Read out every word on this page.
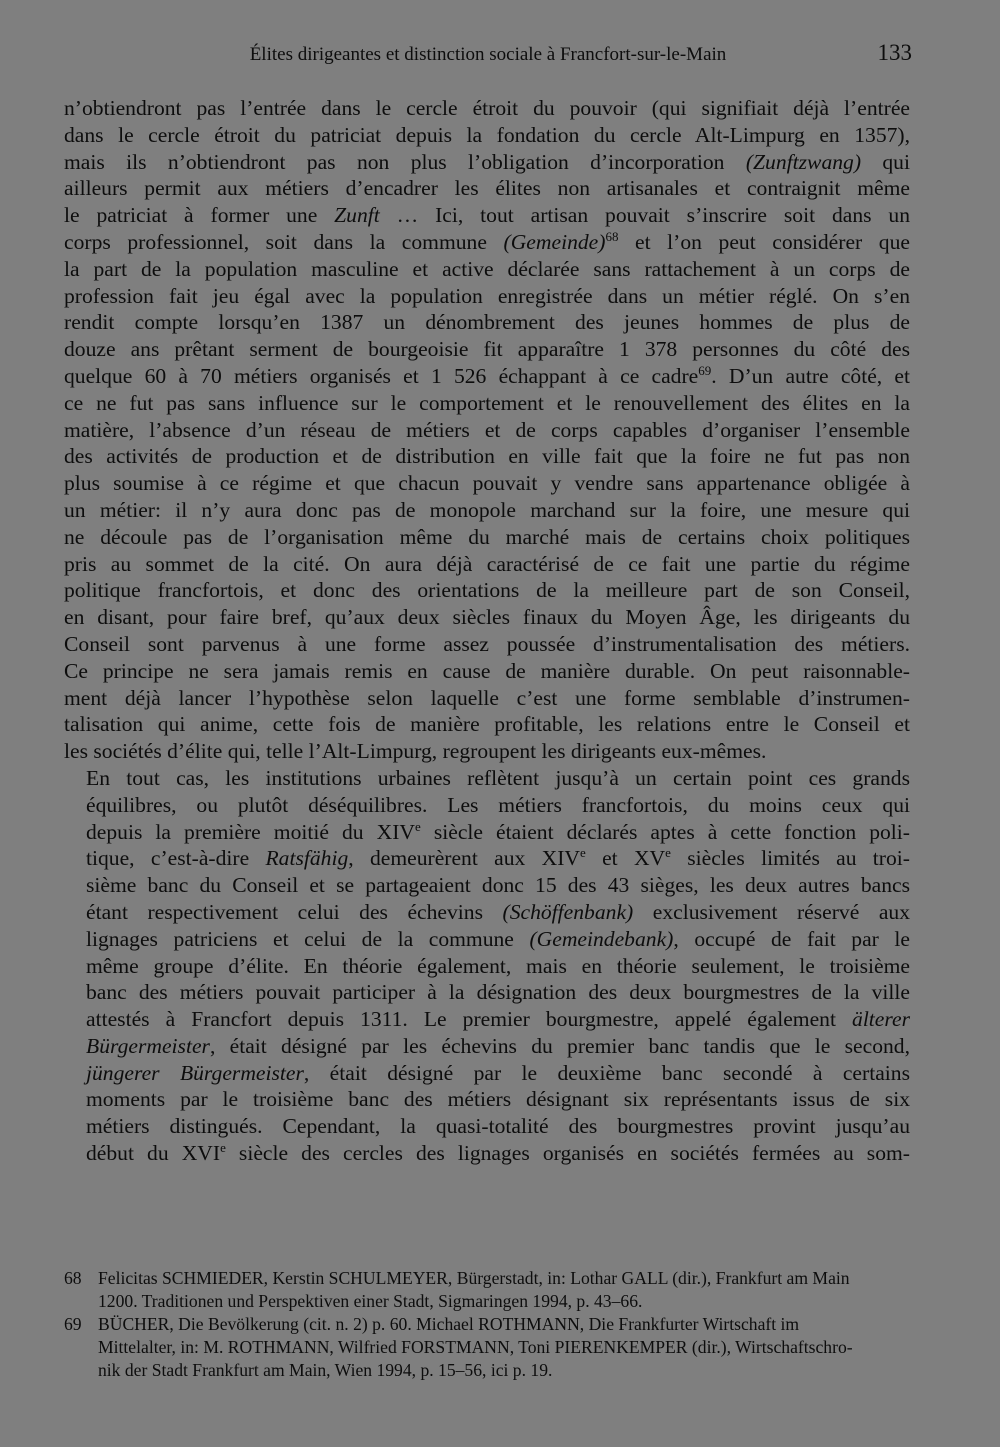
Élites dirigeantes et distinction sociale à Francfort-sur-le-Main	133

n’obtiendront pas l’entrée dans le cercle étroit du pouvoir (qui signifiait déjà l’entrée
dans le cercle étroit du patriciat depuis la fondation du cercle Alt-Limpurg en 1357),
mais ils n’obtiendront pas non plus l’obligation d’incorporation (Zunftzwang) qui
ailleurs permit aux métiers d’encadrer les élites non artisanales et contraignit même
le patriciat à former une Zunft … Ici, tout artisan pouvait s’inscrire soit dans un
corps professionnel, soit dans la commune (Gemeinde)$^{68}$ et l’on peut considérer que
la part de la population masculine et active déclarée sans rattachement à un corps de
profession fait jeu égal avec la population enregistrée dans un métier réglé. On s’en
rendit compte lorsqu’en 1387 un dénombrement des jeunes hommes de plus de
douze ans prêtant serment de bourgeoisie fit apparaître 1 378 personnes du côté des
quelque 60 à 70 métiers organisés et 1 526 échappant à ce cadre$^{69}$. D’un autre côté, et
ce ne fut pas sans influence sur le comportement et le renouvellement des élites en la
matière, l’absence d’un réseau de métiers et de corps capables d’organiser l’ensemble
des activités de production et de distribution en ville fait que la foire ne fut pas non
plus soumise à ce régime et que chacun pouvait y vendre sans appartenance obligée à
un métier: il n’y aura donc pas de monopole marchand sur la foire, une mesure qui
ne découle pas de l’organisation même du marché mais de certains choix politiques
pris au sommet de la cité. On aura déjà caractérisé de ce fait une partie du régime
politique francfortois, et donc des orientations de la meilleure part de son Conseil,
en disant, pour faire bref, qu’aux deux siècles finaux du Moyen Âge, les dirigeants du
Conseil sont parvenus à une forme assez poussée d’instrumentalisation des métiers.
Ce principe ne sera jamais remis en cause de manière durable. On peut raisonnable-
ment déjà lancer l’hypothèse selon laquelle c’est une forme semblable d’instrumen-
talisation qui anime, cette fois de manière profitable, les relations entre le Conseil et
les sociétés d’élite qui, telle l’Alt-Limpurg, regroupent les dirigeants eux-mêmes.

En tout cas, les institutions urbaines reflètent jusqu’à un certain point ces grands
équilibres, ou plutôt déséquilibres. Les métiers francfortois, du moins ceux qui
depuis la première moitié du XIVe siècle étaient déclarés aptes à cette fonction poli-
tique, c’est-à-dire Ratsfähig, demeurèrent aux XIVe et XVe siècles limités au troi-
sième banc du Conseil et se partageaient donc 15 des 43 sièges, les deux autres bancs
étant respectivement celui des échevins (Schöffenbank) exclusivement réservé aux
lignages patriciens et celui de la commune (Gemeindebank), occupé de fait par le
même groupe d’élite. En théorie également, mais en théorie seulement, le troisième
banc des métiers pouvait participer à la désignation des deux bourgmestres de la ville
attestés à Francfort depuis 1311. Le premier bourgmestre, appelé également älterer
Bürgermeister, était désigné par les échevins du premier banc tandis que le second,
jüngerer Bürgermeister, était désigné par le deuxième banc secondé à certains
moments par le troisième banc des métiers désignant six représentants issus de six
métiers distingués. Cependant, la quasi-totalité des bourgmestres provint jusqu’au
début du XVIe siècle des cercles des lignages organisés en sociétés fermées au som-

68 Felicitas SCHMIEDER, Kerstin SCHULMEYER, Bürgerstadt, in: Lothar GALL (dir.), Frankfurt am Main
1200. Traditionen und Perspektiven einer Stadt, Sigmaringen 1994, p. 43–66.
69 BÜCHER, Die Bevölkerung (cit. n. 2) p. 60. Michael ROTHMANN, Die Frankfurter Wirtschaft im
Mittelalter, in: M. ROTHMANN, Wilfried FORSTMANN, Toni PIERENKEMPER (dir.), Wirtschaftschro-
nik der Stadt Frankfurt am Main, Wien 1994, p. 15–56, ici p. 19.
